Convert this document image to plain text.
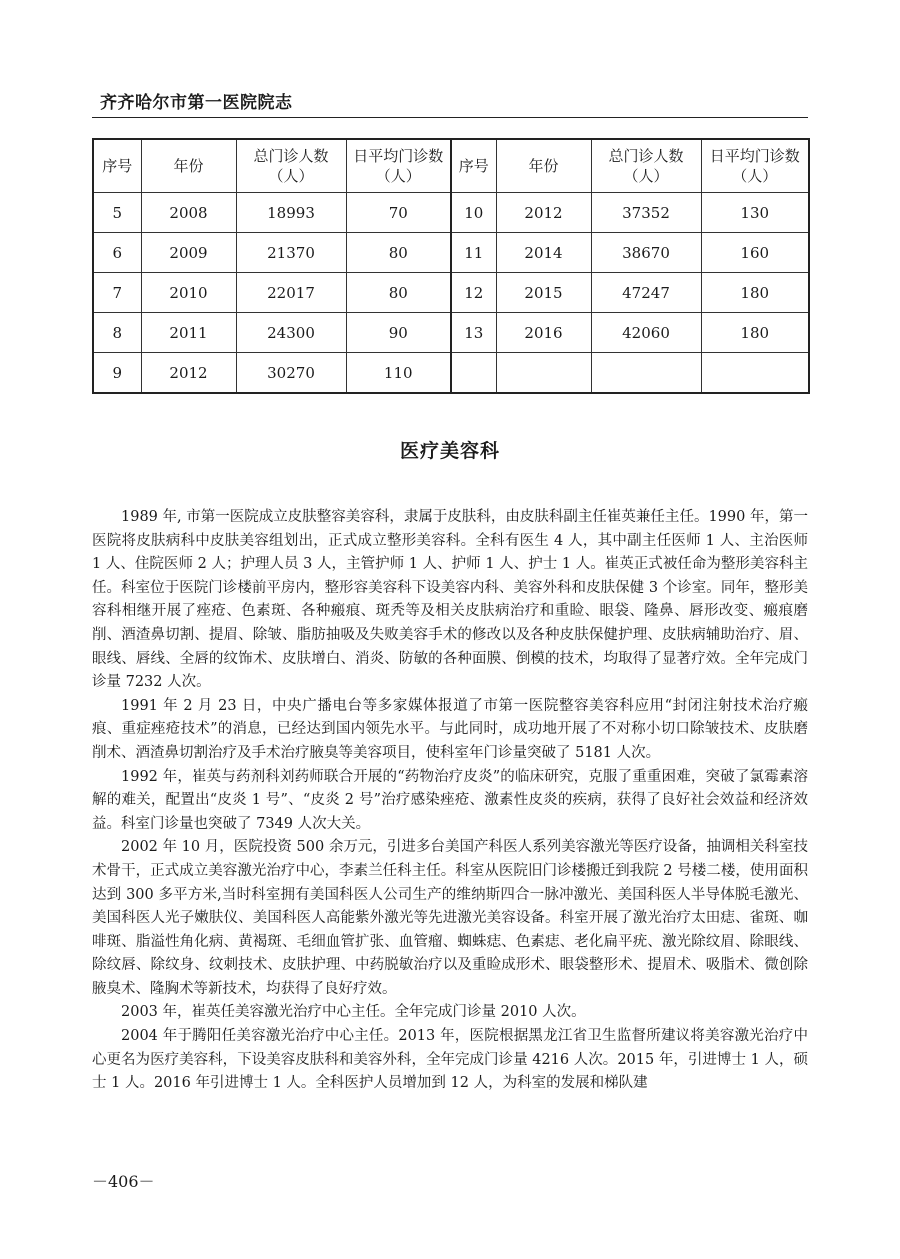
齐齐哈尔市第一医院院志
序号	年份	总门诊人数（人）	日平均门诊数（人）	序号	年份	总门诊人数（人）	日平均门诊数（人）
5	2008	18993	70	10	2012	37352	130
6	2009	21370	80	11	2014	38670	160
7	2010	22017	80	12	2015	47247	180
8	2011	24300	90	13	2016	42060	180
9	2012	30270	110				
医疗美容科

1989 年, 市第一医院成立皮肤整容美容科，隶属于皮肤科，由皮肤科副主任崔英兼任主任。1990 年，第一医院将皮肤病科中皮肤美容组划出，正式成立整形美容科。全科有医生 4 人，其中副主任医师 1 人、主治医师 1 人、住院医师 2 人；护理人员 3 人，主管护师 1 人、护师 1 人、护士 1 人。崔英正式被任命为整形美容科主任。科室位于医院门诊楼前平房内，整形容美容科下设美容内科、美容外科和皮肤保健 3 个诊室。同年，整形美容科相继开展了痤疮、色素斑、各种瘢痕、斑秃等及相关皮肤病治疗和重睑、眼袋、隆鼻、唇形改变、瘢痕磨削、酒渣鼻切割、提眉、除皱、脂肪抽吸及失败美容手术的修改以及各种皮肤保健护理、皮肤病辅助治疗、眉、眼线、唇线、全唇的纹饰术、皮肤增白、消炎、防敏的各种面膜、倒模的技术，均取得了显著疗效。全年完成门诊量 7232 人次。

1991 年 2 月 23 日，中央广播电台等多家媒体报道了市第一医院整容美容科应用“封闭注射技术治疗瘢痕、重症痤疮技术”的消息，已经达到国内领先水平。与此同时，成功地开展了不对称小切口除皱技术、皮肤磨削术、酒渣鼻切割治疗及手术治疗腋臭等美容项目，使科室年门诊量突破了 5181 人次。

1992 年，崔英与药剂科刘药师联合开展的“药物治疗皮炎”的临床研究，克服了重重困难，突破了氯霉素溶解的难关，配置出“皮炎 1 号”、“皮炎 2 号”治疗感染痤疮、激素性皮炎的疾病，获得了良好社会效益和经济效益。科室门诊量也突破了 7349 人次大关。

2002 年 10 月，医院投资 500 余万元，引进多台美国产科医人系列美容激光等医疗设备，抽调相关科室技术骨干，正式成立美容激光治疗中心，李素兰任科主任。科室从医院旧门诊楼搬迁到我院 2 号楼二楼，使用面积达到 300 多平方米,当时科室拥有美国科医人公司生产的维纳斯四合一脉冲激光、美国科医人半导体脱毛激光、美国科医人光子嫩肤仪、美国科医人高能紫外激光等先进激光美容设备。科室开展了激光治疗太田痣、雀斑、咖啡斑、脂溢性角化病、黄褐斑、毛细血管扩张、血管瘤、蜘蛛痣、色素痣、老化扁平疣、激光除纹眉、除眼线、除纹唇、除纹身、纹刺技术、皮肤护理、中药脱敏治疗以及重睑成形术、眼袋整形术、提眉术、吸脂术、微创除腋臭术、隆胸术等新技术，均获得了良好疗效。

2003 年，崔英任美容激光治疗中心主任。全年完成门诊量 2010 人次。

2004 年于腾阳任美容激光治疗中心主任。2013 年，医院根据黑龙江省卫生监督所建议将美容激光治疗中心更名为医疗美容科，下设美容皮肤科和美容外科，全年完成门诊量 4216 人次。2015 年，引进博士 1 人，硕士 1 人。2016 年引进博士 1 人。全科医护人员增加到 12 人，为科室的发展和梯队建

－406－
